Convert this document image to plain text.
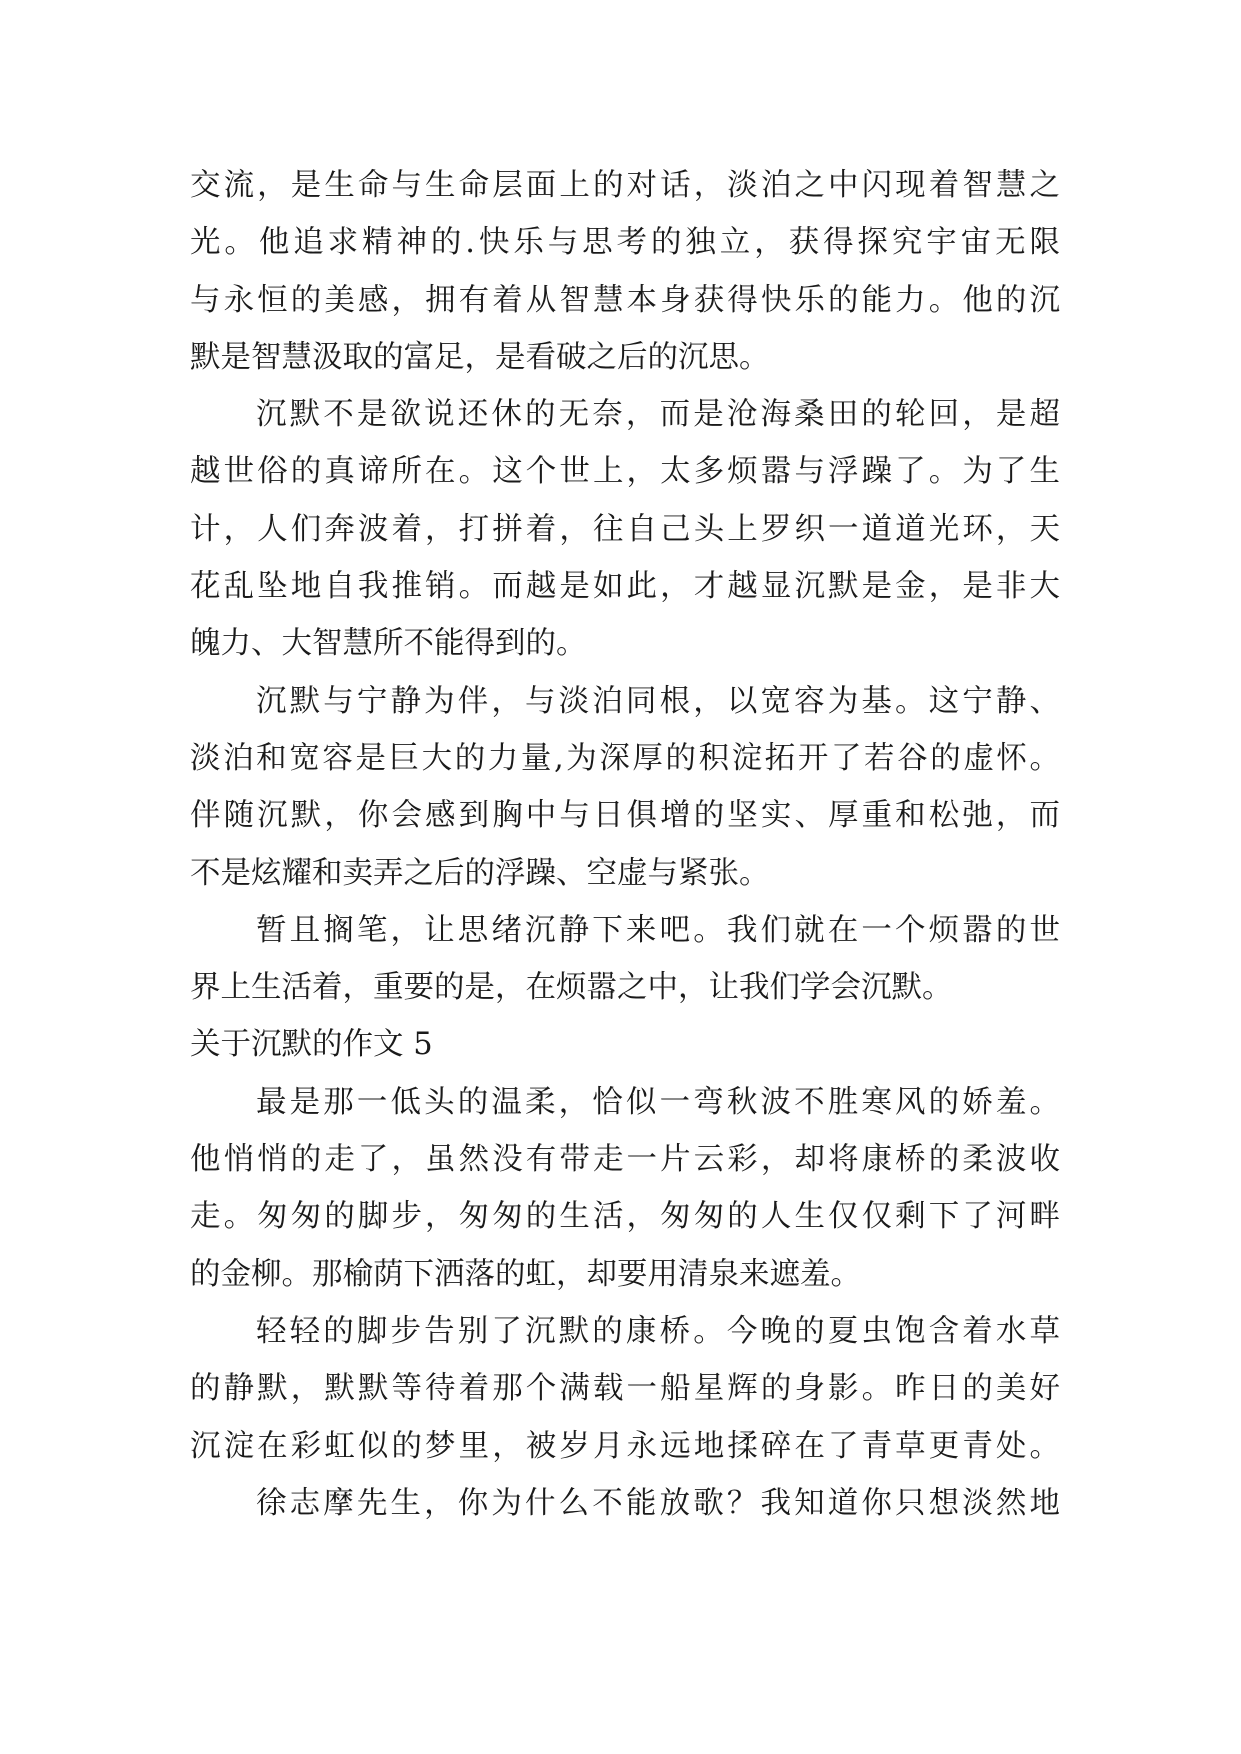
交流，是生命与生命层面上的对话，淡泊之中闪现着智慧之
光。他追求精神的.快乐与思考的独立，获得探究宇宙无限
与永恒的美感，拥有着从智慧本身获得快乐的能力。他的沉
默是智慧汲取的富足，是看破之后的沉思。
沉默不是欲说还休的无奈，而是沧海桑田的轮回，是超
越世俗的真谛所在。这个世上，太多烦嚣与浮躁了。为了生
计，人们奔波着，打拼着，往自己头上罗织一道道光环，天
花乱坠地自我推销。而越是如此，才越显沉默是金，是非大
魄力、大智慧所不能得到的。
沉默与宁静为伴，与淡泊同根，以宽容为基。这宁静、
淡泊和宽容是巨大的力量,为深厚的积淀拓开了若谷的虚怀。
伴随沉默，你会感到胸中与日俱增的坚实、厚重和松弛，而
不是炫耀和卖弄之后的浮躁、空虚与紧张。
暂且搁笔，让思绪沉静下来吧。我们就在一个烦嚣的世
界上生活着，重要的是，在烦嚣之中，让我们学会沉默。
关于沉默的作文 5
最是那一低头的温柔，恰似一弯秋波不胜寒风的娇羞。
他悄悄的走了，虽然没有带走一片云彩，却将康桥的柔波收
走。匆匆的脚步，匆匆的生活，匆匆的人生仅仅剩下了河畔
的金柳。那榆荫下洒落的虹，却要用清泉来遮羞。
轻轻的脚步告别了沉默的康桥。今晚的夏虫饱含着水草
的静默，默默等待着那个满载一船星辉的身影。昨日的美好
沉淀在彩虹似的梦里，被岁月永远地揉碎在了青草更青处。
徐志摩先生，你为什么不能放歌？我知道你只想淡然地
